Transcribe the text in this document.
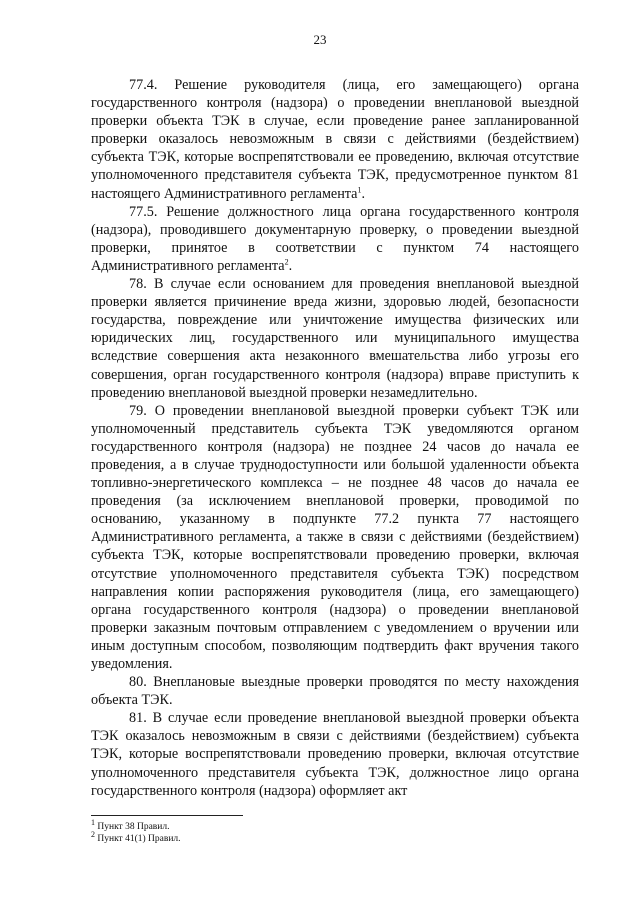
23

77.4. Решение руководителя (лица, его замещающего) органа государственного контроля (надзора) о проведении внеплановой выездной проверки объекта ТЭК в случае, если проведение ранее запланированной проверки оказалось невозможным в связи с действиями (бездействием) субъекта ТЭК, которые воспрепятствовали ее проведению, включая отсутствие уполномоченного представителя субъекта ТЭК, предусмотренное пунктом 81 настоящего Административного регламента$^1$.

77.5. Решение должностного лица органа государственного контроля (надзора), проводившего документарную проверку, о проведении выездной проверки, принятое в соответствии с пунктом 74 настоящего Административного регламента$^2$.

78. В случае если основанием для проведения внеплановой выездной проверки является причинение вреда жизни, здоровью людей, безопасности государства, повреждение или уничтожение имущества физических или юридических лиц, государственного или муниципального имущества вследствие совершения акта незаконного вмешательства либо угрозы его совершения, орган государственного контроля (надзора) вправе приступить к проведению внеплановой выездной проверки незамедлительно.

79. О проведении внеплановой выездной проверки субъект ТЭК или уполномоченный представитель субъекта ТЭК уведомляются органом государственного контроля (надзора) не позднее 24 часов до начала ее проведения, а в случае труднодоступности или большой удаленности объекта топливно-энергетического комплекса – не позднее 48 часов до начала ее проведения (за исключением внеплановой проверки, проводимой по основанию, указанному в подпункте 77.2 пункта 77 настоящего Административного регламента, а также в связи с действиями (бездействием) субъекта ТЭК, которые воспрепятствовали проведению проверки, включая отсутствие уполномоченного представителя субъекта ТЭК) посредством направления копии распоряжения руководителя (лица, его замещающего) органа государственного контроля (надзора) о проведении внеплановой проверки заказным почтовым отправлением с уведомлением о вручении или иным доступным способом, позволяющим подтвердить факт вручения такого уведомления.

80. Внеплановые выездные проверки проводятся по месту нахождения объекта ТЭК.

81. В случае если проведение внеплановой выездной проверки объекта ТЭК оказалось невозможным в связи с действиями (бездействием) субъекта ТЭК, которые воспрепятствовали проведению проверки, включая отсутствие уполномоченного представителя субъекта ТЭК, должностное лицо органа государственного контроля (надзора) оформляет акт

$^1$ Пункт 38 Правил.

$^2$ Пункт 41(1) Правил.
